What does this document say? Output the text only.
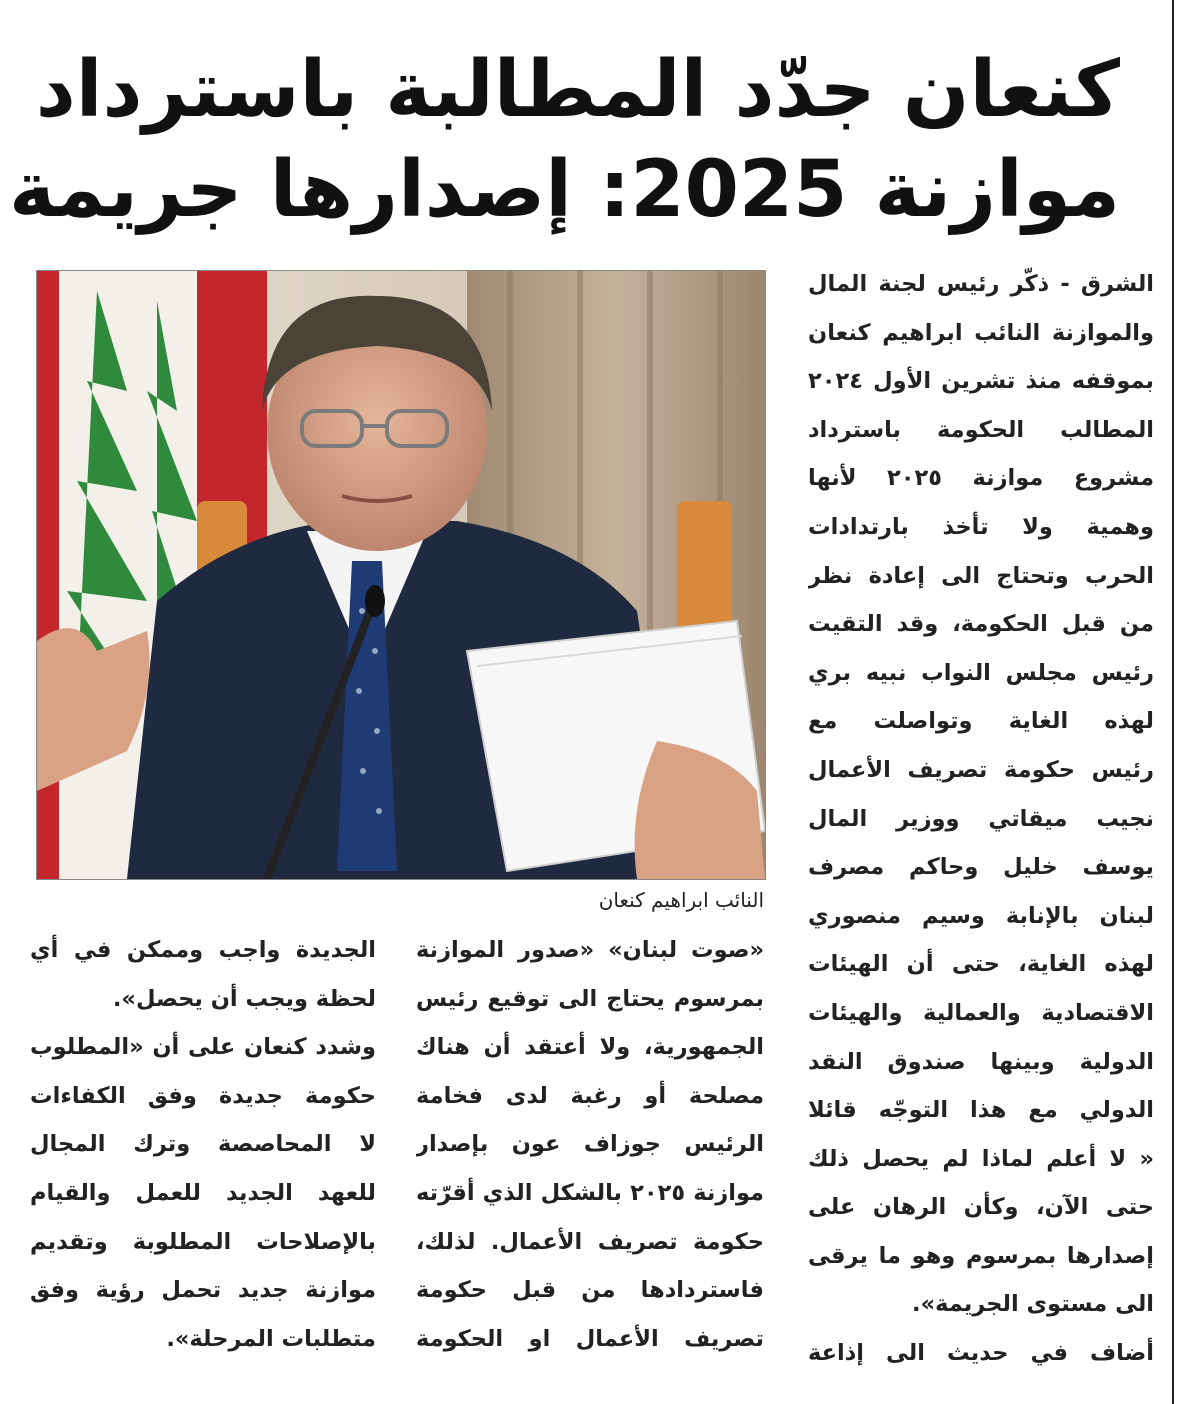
كنعان جدّد المطالبة باسترداد
موازنة 2025: إصدارها جريمة
النائب ابراهيم كنعان
الشرق - ذكّر رئيس لجنة المال
والموازنة النائب ابراهيم كنعان
بموقفه منذ تشرين الأول ٢٠٢٤
المطالب الحكومة باسترداد
مشروع موازنة ٢٠٢٥ لأنها
وهمية ولا تأخذ بارتدادات
الحرب وتحتاج الى إعادة نظر
من قبل الحكومة، وقد التقيت
رئيس مجلس النواب نبيه بري
لهذه الغاية وتواصلت مع
رئيس حكومة تصريف الأعمال
نجيب ميقاتي ووزير المال
يوسف خليل وحاكم مصرف
لبنان بالإنابة وسيم منصوري
لهذه الغاية، حتى أن الهيئات
الاقتصادية والعمالية والهيئات
الدولية وبينها صندوق النقد
الدولي مع هذا التوجّه قائلا
« لا أعلم لماذا لم يحصل ذلك
حتى الآن، وكأن الرهان على
إصدارها بمرسوم وهو ما يرقى
الى مستوى الجريمة».
أضاف في حديث الى إذاعة
«صوت لبنان» «صدور الموازنة
بمرسوم يحتاج الى توقيع رئيس
الجمهورية، ولا أعتقد أن هناك
مصلحة أو رغبة لدى فخامة
الرئيس جوزاف عون بإصدار
موازنة ٢٠٢٥ بالشكل الذي أقرّته
حكومة تصريف الأعمال. لذلك،
فاستردادها من قبل حكومة
تصريف الأعمال او الحكومة
الجديدة واجب وممكن في أي
لحظة ويجب أن يحصل».
وشدد كنعان على أن «المطلوب
حكومة جديدة وفق الكفاءات
لا المحاصصة وترك المجال
للعهد الجديد للعمل والقيام
بالإصلاحات المطلوبة وتقديم
موازنة جديد تحمل رؤية وفق
متطلبات المرحلة».
